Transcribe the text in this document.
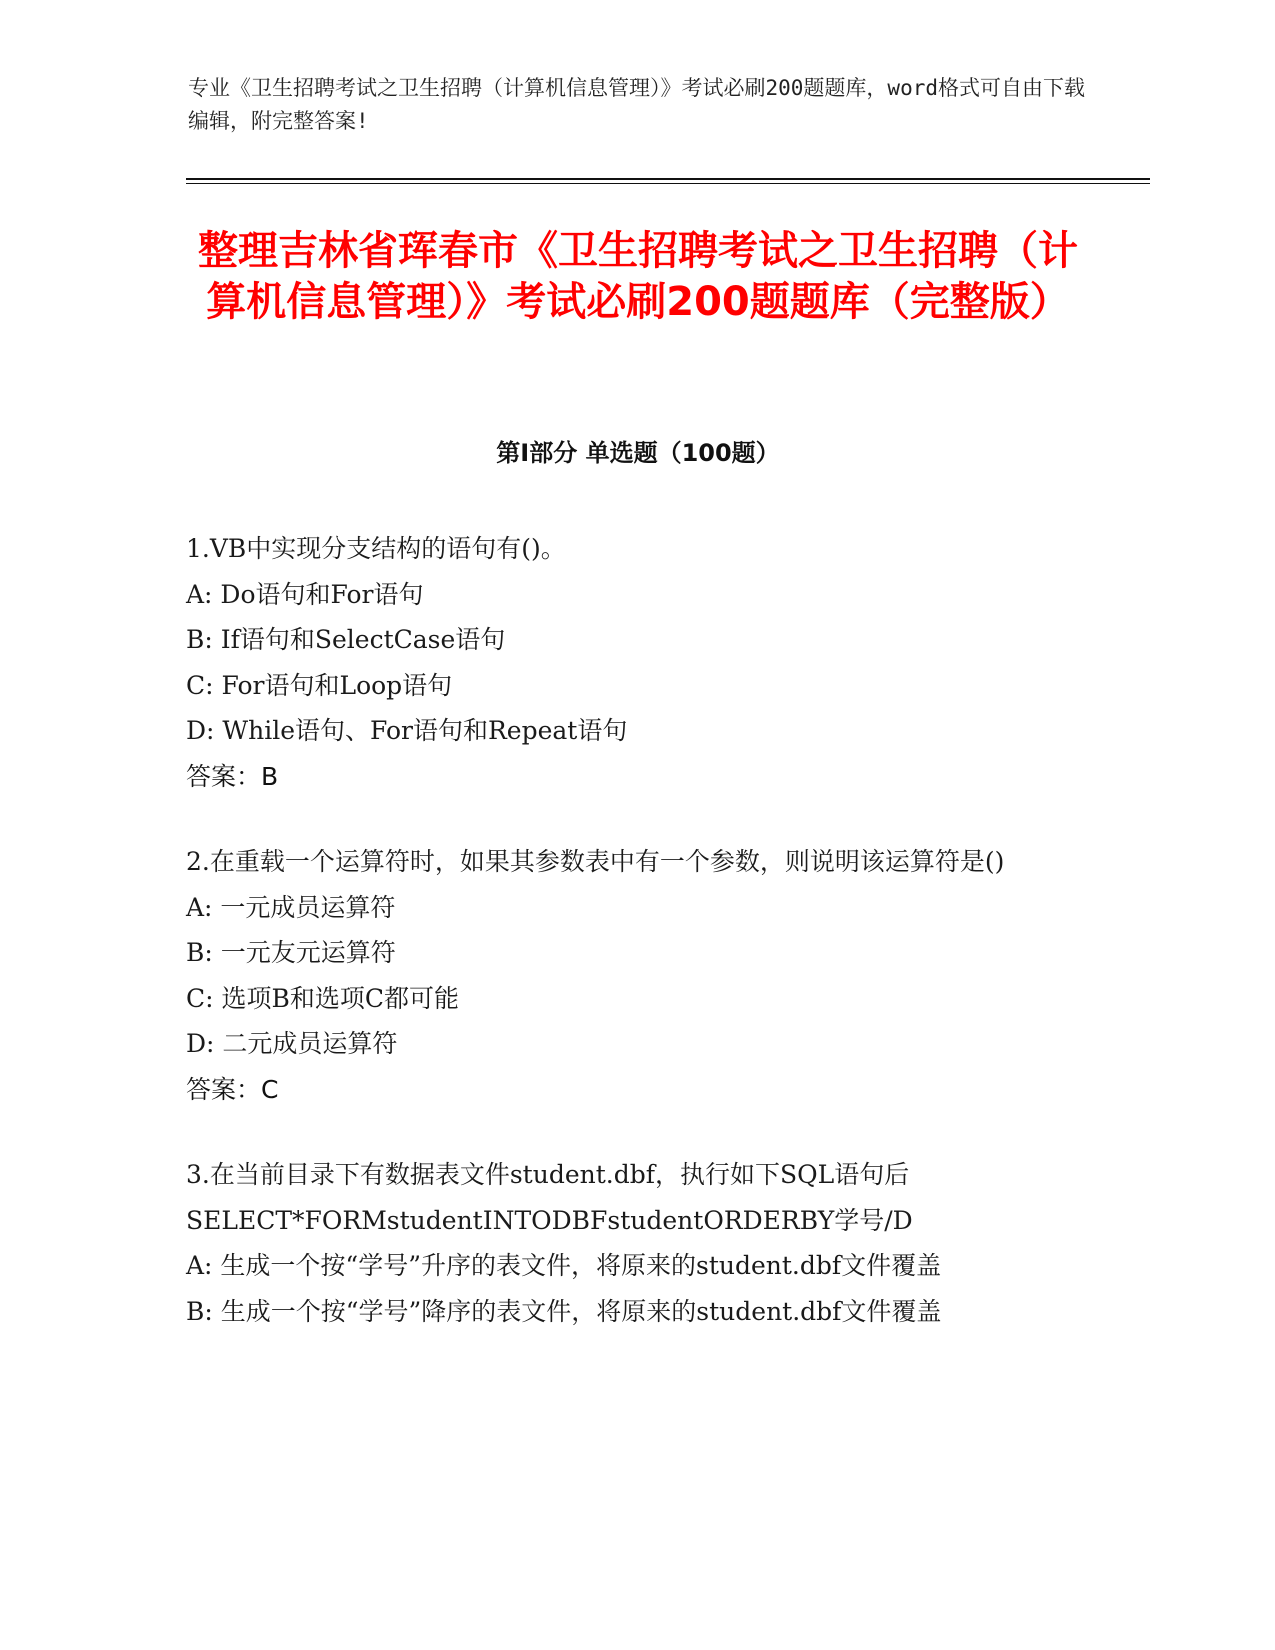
专业《卫生招聘考试之卫生招聘（计算机信息管理）》考试必刷200题题库，word格式可自由下载编辑，附完整答案!
整理吉林省珲春市《卫生招聘考试之卫生招聘（计算机信息管理）》考试必刷200题题库（完整版）
第Ⅰ部分 单选题（100题）
1.VB中实现分支结构的语句有()。
A: Do语句和For语句
B: If语句和SelectCase语句
C: For语句和Loop语句
D: While语句、For语句和Repeat语句
答案：B
2.在重载一个运算符时，如果其参数表中有一个参数，则说明该运算符是()
A: 一元成员运算符
B: 一元友元运算符
C: 选项B和选项C都可能
D: 二元成员运算符
答案：C
3.在当前目录下有数据表文件student.dbf，执行如下SQL语句后SELECT*FORMstudentINTODBFstudentORDERBY学号/D
A: 生成一个按“学号”升序的表文件，将原来的student.dbf文件覆盖
B: 生成一个按“学号”降序的表文件，将原来的student.dbf文件覆盖
